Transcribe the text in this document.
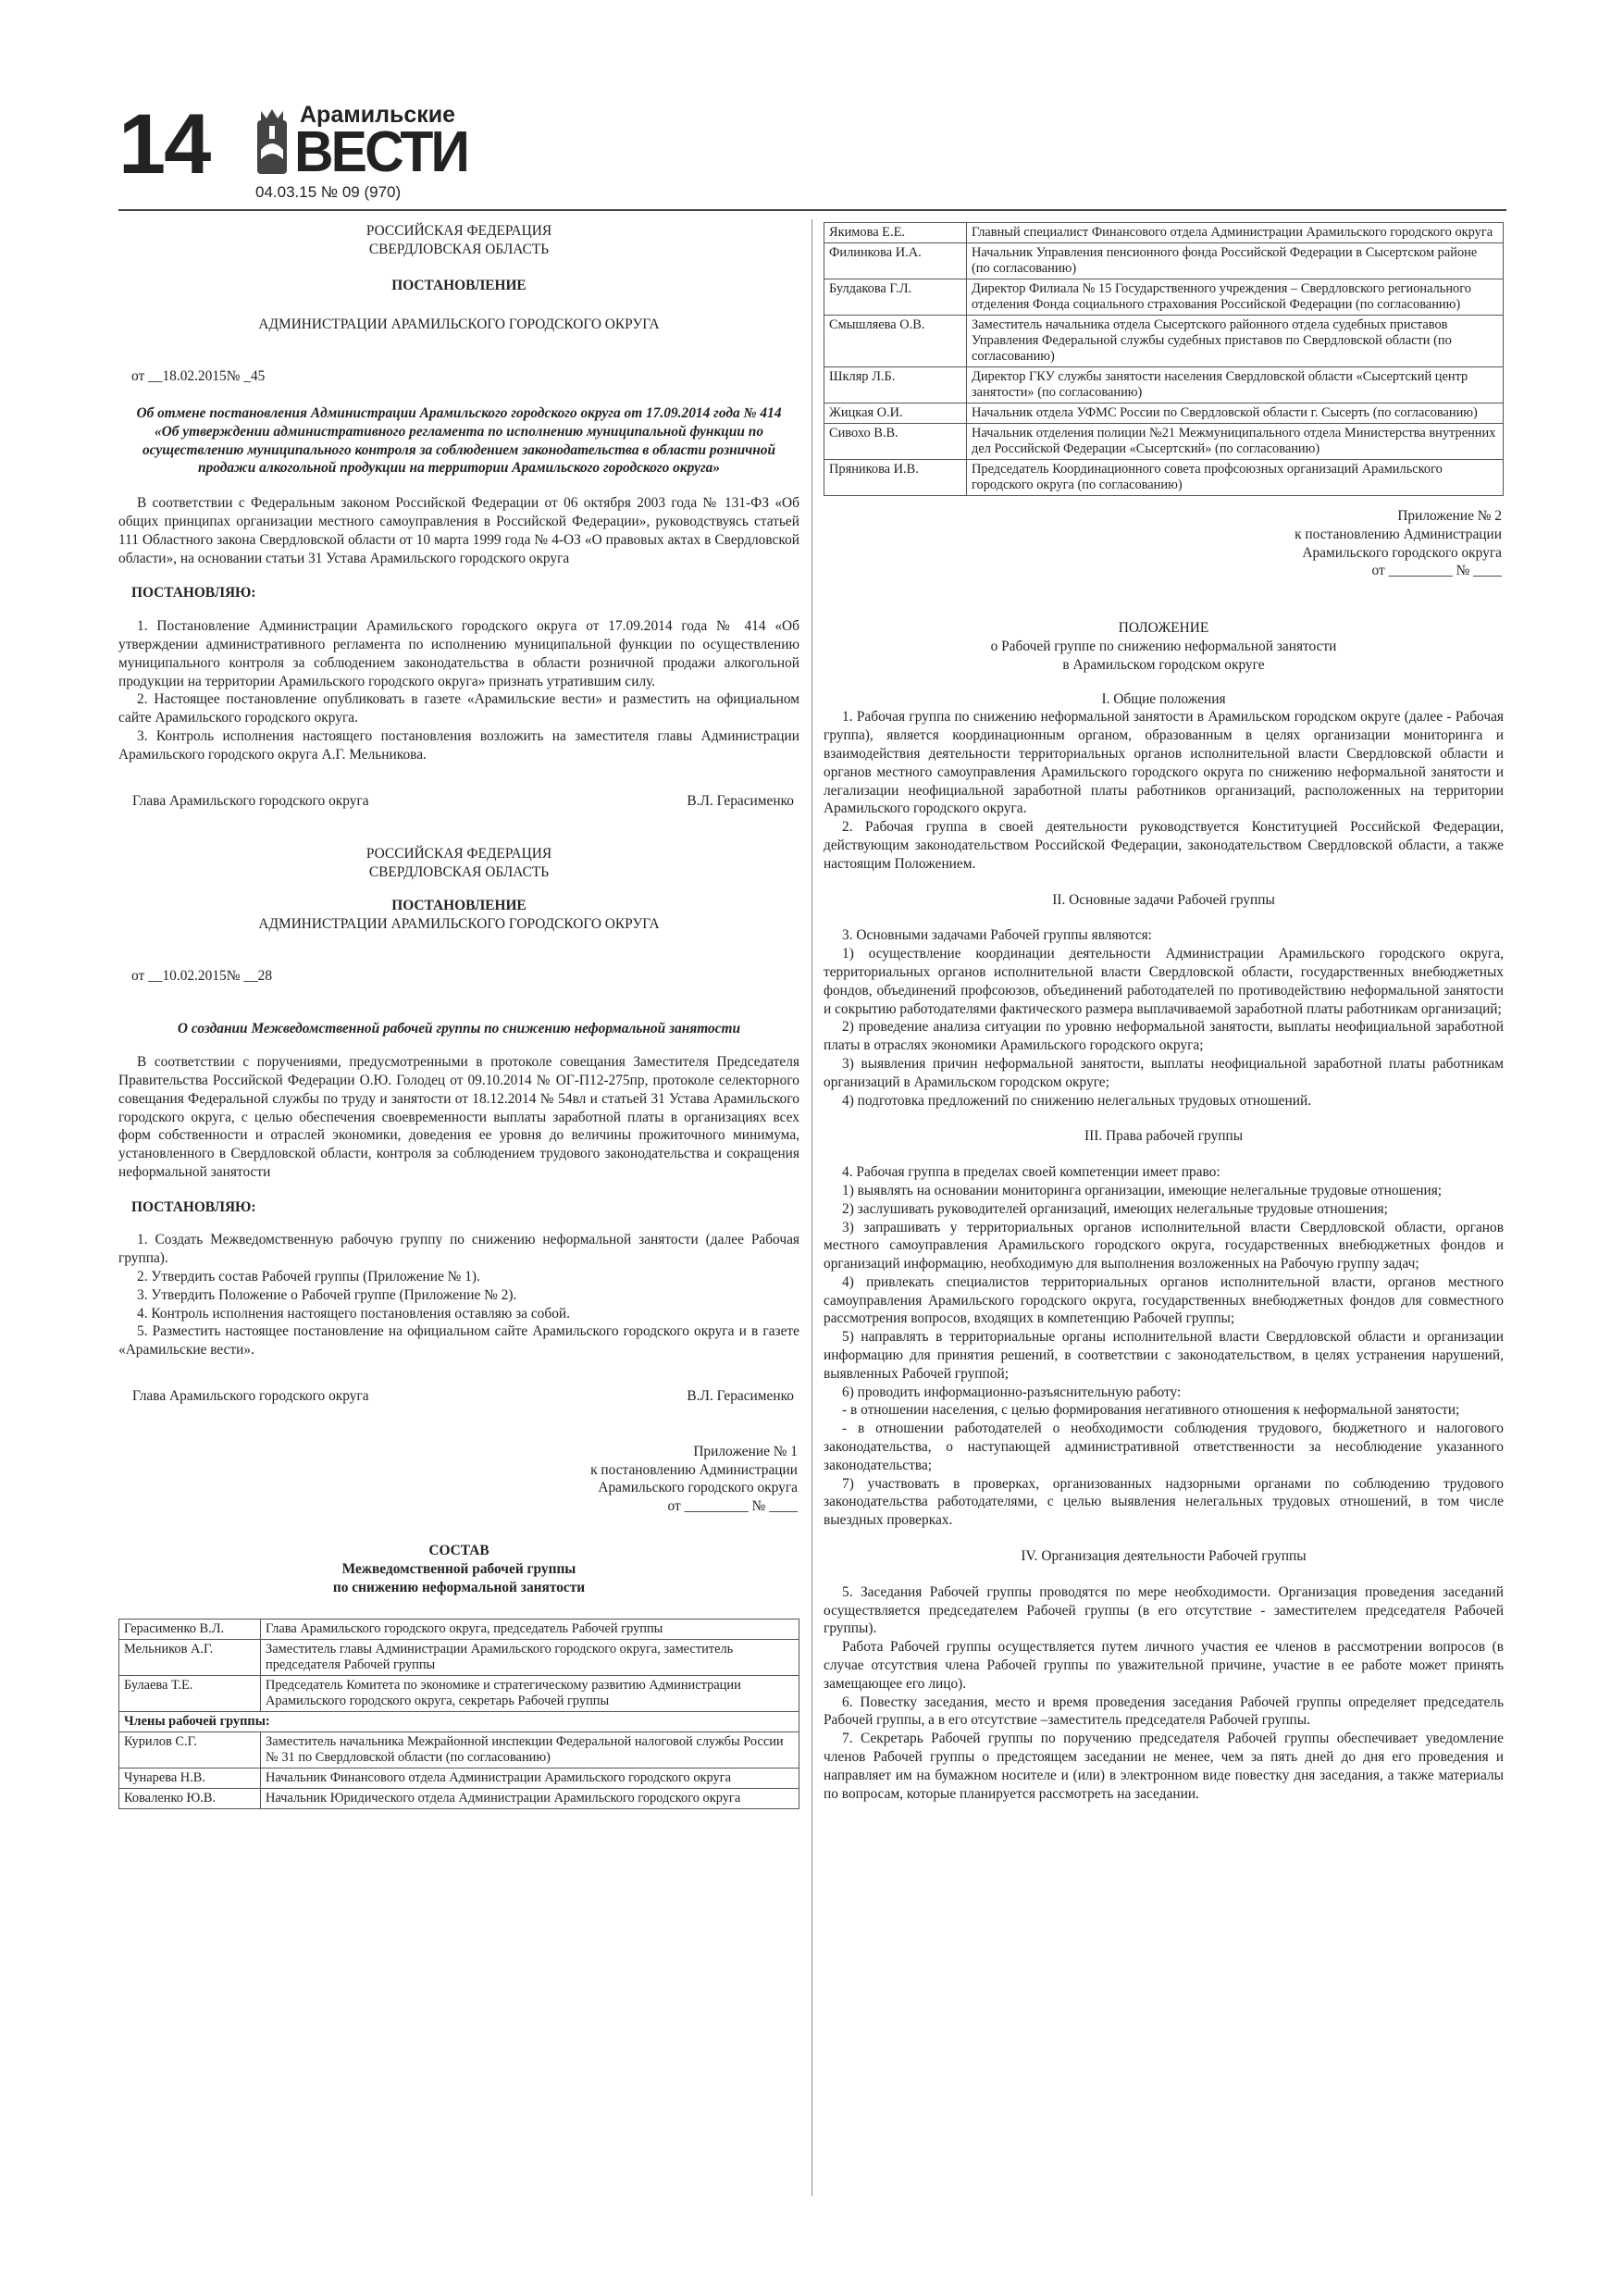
14	Арамильские
ВЕСТИ
04.03.15 № 09 (970)

РОССИЙСКАЯ ФЕДЕРАЦИЯ

СВЕРДЛОВСКАЯ ОБЛАСТЬ

ПОСТАНОВЛЕНИЕ

АДМИНИСТРАЦИИ АРАМИЛЬСКОГО ГОРОДСКОГО ОКРУГА

от __18.02.2015№ _45

Об отмене постановления Администрации Арамильского городского округа от 17.09.2014 года № 414 «Об утверждении административного регламента по исполнению муниципальной функции по осуществлению муниципального контроля за соблюдением законодательства в области розничной продажи алкогольной продукции на территории Арамильского городского округа»

В соответствии с Федеральным законом Российской Федерации от 06 октября 2003 года № 131-ФЗ «Об общих принципах организации местного самоуправления в Российской Федерации», руководствуясь статьей 111 Областного закона Свердловской области от 10 марта 1999 года № 4-ОЗ «О правовых актах в Свердловской области», на основании статьи 31 Устава Арамильского городского округа

ПОСТАНОВЛЯЮ:

1. Постановление Администрации Арамильского городского округа от 17.09.2014 года № 414 «Об утверждении административного регламента по исполнению муниципальной функции по осуществлению муниципального контроля за соблюдением законодательства в области розничной продажи алкогольной продукции на территории Арамильского городского округа» признать утратившим силу.

2. Настоящее постановление опубликовать в газете «Арамильские вести» и разместить на официальном сайте Арамильского городского округа.

3. Контроль исполнения настоящего постановления возложить на заместителя главы Администрации Арамильского городского округа А.Г. Мельникова.

Глава Арамильского городского округа	В.Л. Герасименко

РОССИЙСКАЯ ФЕДЕРАЦИЯ

СВЕРДЛОВСКАЯ ОБЛАСТЬ

ПОСТАНОВЛЕНИЕ

АДМИНИСТРАЦИИ АРАМИЛЬСКОГО ГОРОДСКОГО ОКРУГА

от __10.02.2015№ __28

О создании Межведомственной рабочей группы по снижению неформальной занятости

В соответствии с поручениями, предусмотренными в протоколе совещания Заместителя Председателя Правительства Российской Федерации О.Ю. Голодец от 09.10.2014 № ОГ-П12-275пр, протоколе селекторного совещания Федеральной службы по труду и занятости от 18.12.2014 № 54вл и статьей 31 Устава Арамильского городского округа, с целью обеспечения своевременности выплаты заработной платы в организациях всех форм собственности и отраслей экономики, доведения ее уровня до величины прожиточного минимума, установленного в Свердловской области, контроля за соблюдением трудового законодательства и сокращения неформальной занятости

ПОСТАНОВЛЯЮ:

1. Создать Межведомственную рабочую группу по снижению неформальной занятости (далее Рабочая группа).

2. Утвердить состав Рабочей группы (Приложение № 1).

3. Утвердить Положение о Рабочей группе (Приложение № 2).

4. Контроль исполнения настоящего постановления оставляю за собой.

5. Разместить настоящее постановление на официальном сайте Арамильского городского округа и в газете «Арамильские вести».

Глава Арамильского городского округа	В.Л. Герасименко

Приложение № 1

к постановлению Администрации

Арамильского городского округа

от _________ № ____

СОСТАВ

Межведомственной рабочей группы

по снижению неформальной занятости

Герасименко В.Л.	Глава Арамильского городского округа, председатель Рабочей группы
Мельников А.Г.	Заместитель главы Администрации Арамильского городского округа, заместитель председателя Рабочей группы
Булаева Т.Е.	Председатель Комитета по экономике и стратегическому развитию Администрации Арамильского городского округа, секретарь Рабочей группы
Члены рабочей группы:	
Курилов С.Г.	Заместитель начальника Межрайонной инспекции Федеральной налоговой службы России № 31 по Свердловской области (по согласованию)
Чунарева Н.В.	Начальник Финансового отдела Администрации Арамильского городского округа
Коваленко Ю.В.	Начальник Юридического отдела Администрации Арамильского городского округа
Якимова Е.Е.	Главный специалист Финансового отдела Администрации Арамильского городского округа
Филинкова И.А.	Начальник Управления пенсионного фонда Российской Федерации в Сысертском районе (по согласованию)
Булдакова Г.Л.	Директор Филиала № 15 Государственного учреждения – Свердловского регионального отделения Фонда социального страхования Российской Федерации (по согласованию)
Смышляева О.В.	Заместитель начальника отдела Сысертского районного отдела судебных приставов Управления Федеральной службы судебных приставов по Свердловской области (по согласованию)
Шкляр Л.Б.	Директор ГКУ службы занятости населения Свердловской области «Сысертский центр занятости» (по согласованию)
Жицкая О.И.	Начальник отдела УФМС России по Свердловской области г. Сысерть (по согласованию)
Сивохо В.В.	Начальник отделения полиции №21 Межмуниципального отдела Министерства внутренних дел Российской Федерации «Сысертский» (по согласованию)
Пряникова И.В.	Председатель Координационного совета профсоюзных организаций Арамильского городского округа (по согласованию)

Приложение № 2

к постановлению Администрации

Арамильского городского округа

от _________ № ____

ПОЛОЖЕНИЕ

о Рабочей группе по снижению неформальной занятости

в Арамильском городском округе

I. Общие положения

1. Рабочая группа по снижению неформальной занятости в Арамильском городском округе (далее - Рабочая группа), является координационным органом, образованным в целях организации мониторинга и взаимодействия деятельности территориальных органов исполнительной власти Свердловской области и органов местного самоуправления Арамильского городского округа по снижению неформальной занятости и легализации неофициальной заработной платы работников организаций, расположенных на территории Арамильского городского округа.

2. Рабочая группа в своей деятельности руководствуется Конституцией Российской Федерации, действующим законодательством Российской Федерации, законодательством Свердловской области, а также настоящим Положением.

II. Основные задачи Рабочей группы

3. Основными задачами Рабочей группы являются:

1) осуществление координации деятельности Администрации Арамильского городского округа, территориальных органов исполнительной власти Свердловской области, государственных внебюджетных фондов, объединений профсоюзов, объединений работодателей по противодействию неформальной занятости и сокрытию работодателями фактического размера выплачиваемой заработной платы работникам организаций;

2) проведение анализа ситуации по уровню неформальной занятости, выплаты неофициальной заработной платы в отраслях экономики Арамильского городского округа;

3) выявления причин неформальной занятости, выплаты неофициальной заработной платы работникам организаций в Арамильском городском округе;

4) подготовка предложений по снижению нелегальных трудовых отношений.

III. Права рабочей группы

4. Рабочая группа в пределах своей компетенции имеет право:

1) выявлять на основании мониторинга организации, имеющие нелегальные трудовые отношения;

2) заслушивать руководителей организаций, имеющих нелегальные трудовые отношения;

3) запрашивать у территориальных органов исполнительной власти Свердловской области, органов местного самоуправления Арамильского городского округа, государственных внебюджетных фондов и организаций информацию, необходимую для выполнения возложенных на Рабочую группу задач;

4) привлекать специалистов территориальных органов исполнительной власти, органов местного самоуправления Арамильского городского округа, государственных внебюджетных фондов для совместного рассмотрения вопросов, входящих в компетенцию Рабочей группы;

5) направлять в территориальные органы исполнительной власти Свердловской области и организации информацию для принятия решений, в соответствии с законодательством, в целях устранения нарушений, выявленных Рабочей группой;

6) проводить информационно-разъяснительную работу:

- в отношении населения, с целью формирования негативного отношения к неформальной занятости;

- в отношении работодателей о необходимости соблюдения трудового, бюджетного и налогового законодательства, о наступающей административной ответственности за несоблюдение указанного законодательства;

7) участвовать в проверках, организованных надзорными органами по соблюдению трудового законодательства работодателями, с целью выявления нелегальных трудовых отношений, в том числе выездных проверках.

IV. Организация деятельности Рабочей группы

5. Заседания Рабочей группы проводятся по мере необходимости. Организация проведения заседаний осуществляется председателем Рабочей группы (в его отсутствие - заместителем председателя Рабочей группы).

Работа Рабочей группы осуществляется путем личного участия ее членов в рассмотрении вопросов (в случае отсутствия члена Рабочей группы по уважительной причине, участие в ее работе может принять замещающее его лицо).

6. Повестку заседания, место и время проведения заседания Рабочей группы определяет председатель Рабочей группы, а в его отсутствие –заместитель председателя Рабочей группы.

7. Секретарь Рабочей группы по поручению председателя Рабочей группы обеспечивает уведомление членов Рабочей группы о предстоящем заседании не менее, чем за пять дней до дня его проведения и направляет им на бумажном носителе и (или) в электронном виде повестку дня заседания, а также материалы по вопросам, которые планируется рассмотреть на заседании.
